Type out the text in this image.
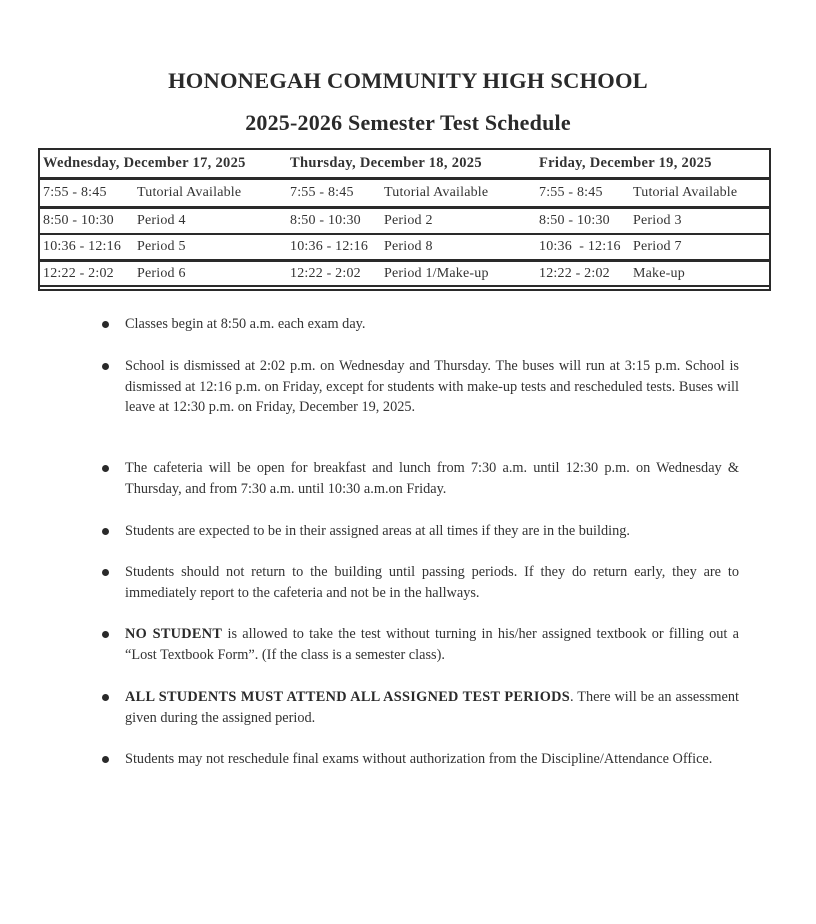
HONONEGAH COMMUNITY HIGH SCHOOL
2025-2026 Semester Test Schedule
Wednesday, December 17, 2025	Thursday, December 18, 2025	Friday, December 19, 2025

7:55 - 8:45 Tutorial Available	7:55 - 8:45 Tutorial Available	7:55 - 8:45 Tutorial Available

8:50 - 10:30 Period 4	8:50 - 10:30 Period 2	8:50 - 10:30 Period 3

10:36 - 12:16 Period 5	10:36 - 12:16 Period 8	10:36  - 12:16 Period 7

12:22 - 2:02 Period 6	12:22 - 2:02 Period 1/Make-up	12:22 - 2:02 Make-up
Classes begin at 8:50 a.m. each exam day.
School is dismissed at 2:02 p.m. on Wednesday and Thursday. The buses will run at 3:15 p.m. School is dismissed at 12:16 p.m. on Friday, except for students with make-up tests and rescheduled tests. Buses will leave at 12:30 p.m. on Friday, December 19, 2025.
The cafeteria will be open for breakfast and lunch from 7:30 a.m. until 12:30 p.m. on Wednesday & Thursday, and from 7:30 a.m. until 10:30 a.m.on Friday.
Students are expected to be in their assigned areas at all times if they are in the building.
Students should not return to the building until passing periods. If they do return early, they are to immediately report to the cafeteria and not be in the hallways.
NO STUDENT is allowed to take the test without turning in his/her assigned textbook or filling out a “Lost Textbook Form”. (If the class is a semester class).
ALL STUDENTS MUST ATTEND ALL ASSIGNED TEST PERIODS. There will be an assessment given during the assigned period.
Students may not reschedule final exams without authorization from the Discipline/Attendance Office.
